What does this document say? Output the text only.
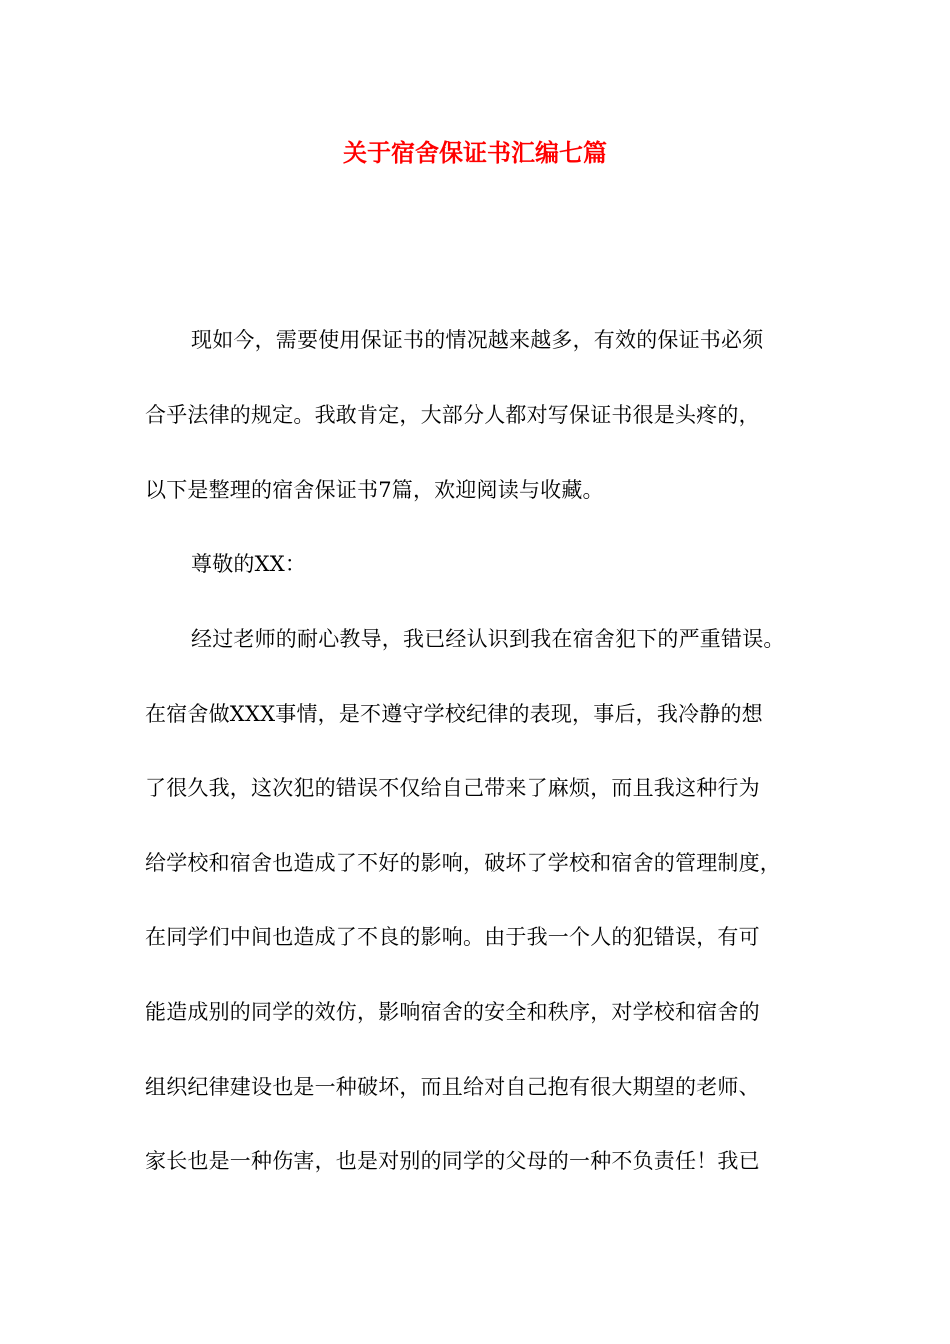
关于宿舍保证书汇编七篇
现如今，需要使用保证书的情况越来越多，有效的保证书必须
合乎法律的规定。我敢肯定，大部分人都对写保证书很是头疼的，
以下是整理的宿舍保证书7篇，欢迎阅读与收藏。
尊敬的XX：
经过老师的耐心教导，我已经认识到我在宿舍犯下的严重错误。
在宿舍做XXX事情，是不遵守学校纪律的表现，事后，我冷静的想
了很久我，这次犯的错误不仅给自己带来了麻烦，而且我这种行为
给学校和宿舍也造成了不好的影响，破坏了学校和宿舍的管理制度，
在同学们中间也造成了不良的影响。由于我一个人的犯错误，有可
能造成别的同学的效仿，影响宿舍的安全和秩序，对学校和宿舍的
组织纪律建设也是一种破坏，而且给对自己抱有很大期望的老师、
家长也是一种伤害，也是对别的同学的父母的一种不负责任！我已
